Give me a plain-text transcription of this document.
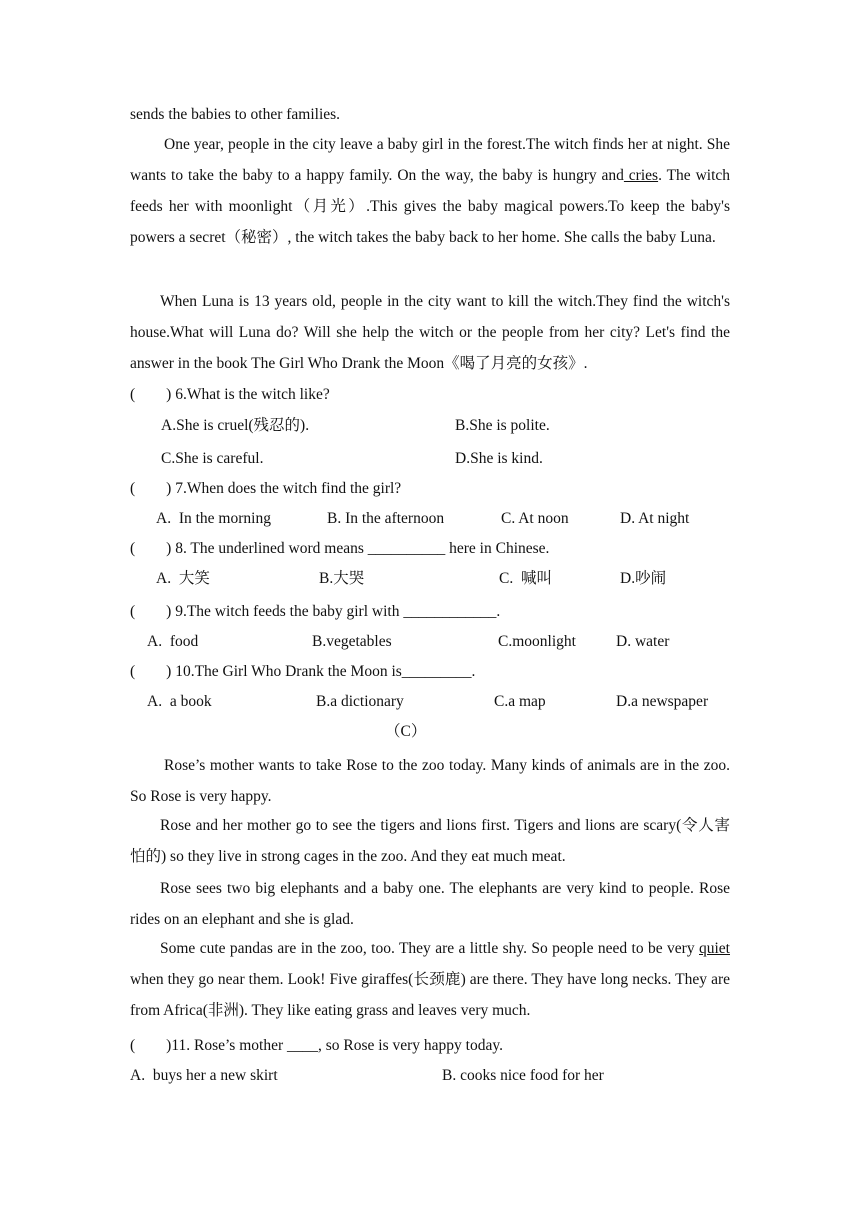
sends the babies to other families.
One year, people in the city leave a baby girl in the forest.The witch finds her at night. She wants to take the baby to a happy family. On the way, the baby is hungry and cries. The witch feeds her with moonlight（月光）.This gives the baby magical powers.To keep the baby's powers a secret（秘密）, the witch takes the baby back to her home. She calls the baby Luna.
When Luna is 13 years old, people in the city want to kill the witch.They find the witch's house.What will Luna do? Will she help the witch or the people from her city? Let's find the answer in the book The Girl Who Drank the Moon《喝了月亮的女孩》.
(        ) 6.What is the witch like?
A.She is cruel(残忍的).	B.She is polite.
C.She is careful.	D.She is kind.
(        ) 7.When does the witch find the girl?
A.  In the morning	B. In the afternoon	C. At noon	D. At night
(        ) 8. The underlined word means __________ here in Chinese.
A.  大笑	B.大哭	C.  喊叫	D.吵闹
(        ) 9.The witch feeds the baby girl with ____________.
A.  food	B.vegetables	C.moonlight	D. water
(        ) 10.The Girl Who Drank the Moon is_________.
A.  a book	B.a dictionary	C.a map	D.a newspaper
（C）
Rose’s mother wants to take Rose to the zoo today. Many kinds of animals are in the zoo. So Rose is very happy.
Rose and her mother go to see the tigers and lions first. Tigers and lions are scary(令人害怕的) so they live in strong cages in the zoo. And they eat much meat.
Rose sees two big elephants and a baby one. The elephants are very kind to people. Rose rides on an elephant and she is glad.
Some cute pandas are in the zoo, too. They are a little shy. So people need to be very quiet when they go near them. Look! Five giraffes(长颈鹿) are there. They have long necks. They are from Africa(非洲). They like eating grass and leaves very much.
(        )11. Rose’s mother ____, so Rose is very happy today.
A.  buys her a new skirt	B. cooks nice food for her
